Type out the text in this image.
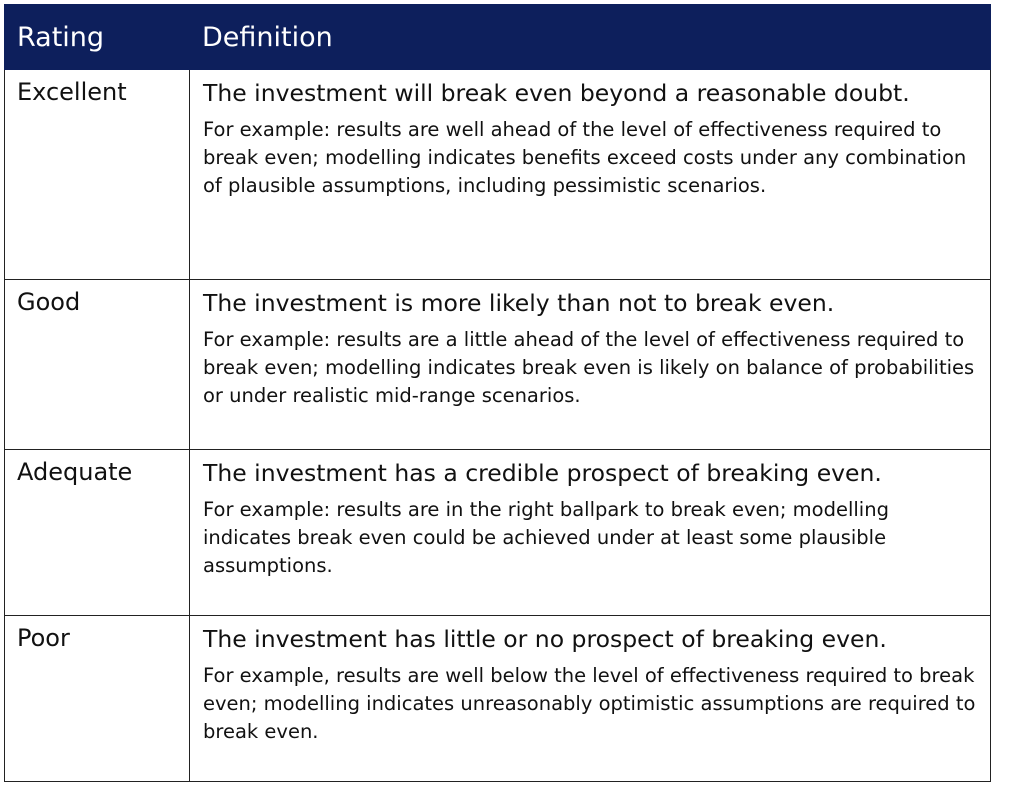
Rating	Definition
Excellent	The investment will break even beyond a reasonable doubt.

For example: results are well ahead of the level of effectiveness required to break even; modelling indicates benefits exceed costs under any combination of plausible assumptions, including pessimistic scenarios.

Good	The investment is more likely than not to break even.

For example: results are a little ahead of the level of effectiveness required to break even; modelling indicates break even is likely on balance of probabilities or under realistic mid-range scenarios.

Adequate	The investment has a credible prospect of breaking even.

For example: results are in the right ballpark to break even; modelling indicates break even could be achieved under at least some plausible assumptions.

Poor	The investment has little or no prospect of breaking even.

For example, results are well below the level of effectiveness required to break even; modelling indicates unreasonably optimistic assumptions are required to break even.
